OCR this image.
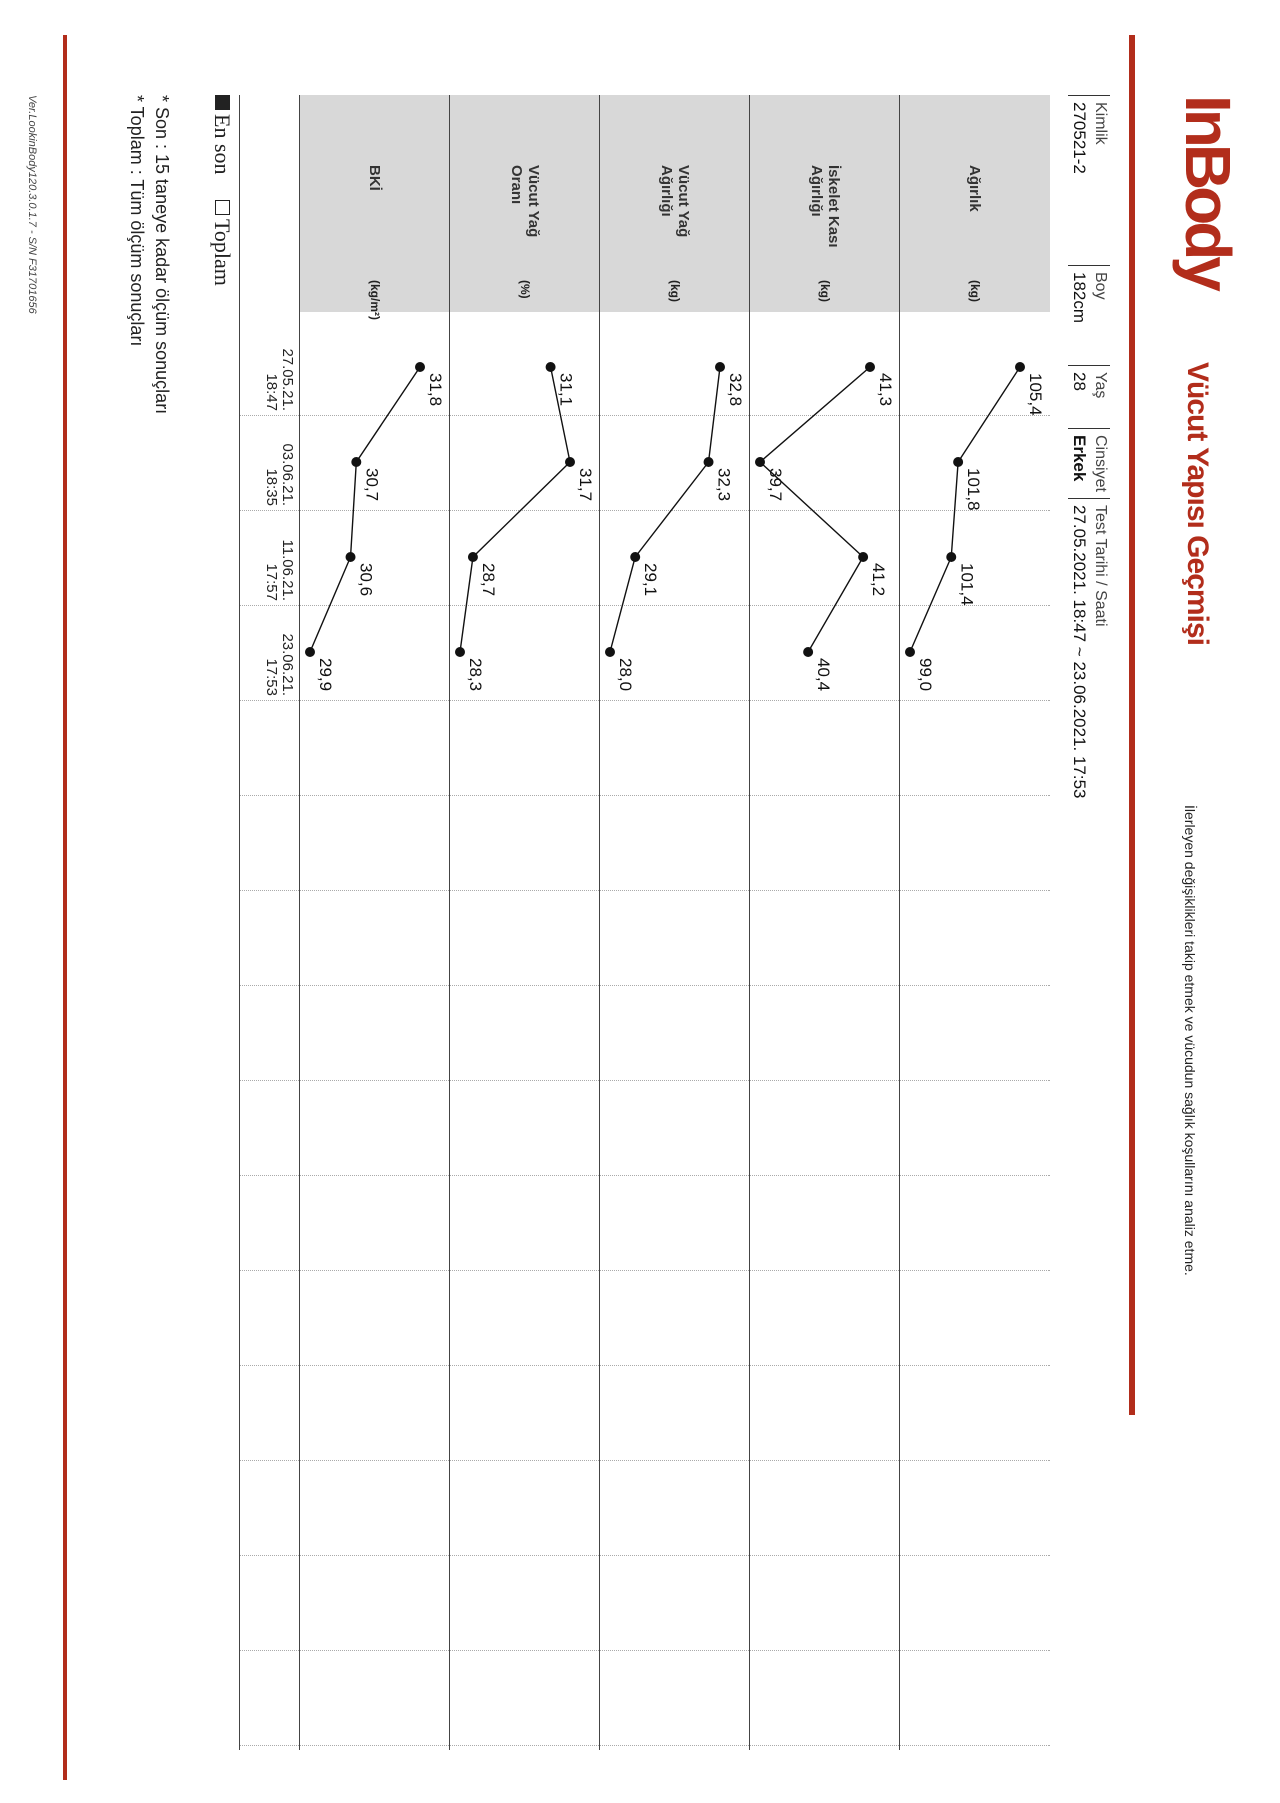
InBody
Vücut Yapısı Geçmişi
İlerleyen değişiklikleri takip etmek ve vücudun sağlık koşullarını analiz etme.
Kimlik
270521-2
Boy
182cm
Yaş
28
Cinsiyet
Erkek
Test Tarihi / Saati
27.05.2021. 18:47 ~ 23.06.2021. 17:53
Ağırlık
(kg)
İskelet Kası
Ağırlığı
(kg)
Vücut Yağ
Ağırlığı
(kg)
Vücut Yağ
Oranı
(%)
BKİ
(kg/m²)
27.05.21.
18:47
03.06.21.
18:35
11.06.21.
17:57
23.06.21.
17:53
105,4
101,8
101,4
99,0
41,3
39,7
41,2
40,4
32,8
32,3
29,1
28,0
31,1
31,7
28,7
28,3
31,8
30,7
30,6
29,9
En son Toplam
* Son : 15 taneye kadar ölçüm sonuçları
* Toplam : Tüm ölçüm sonuçları
Ver.LookinBody120.3.0.1.7 - S/N F31701656
